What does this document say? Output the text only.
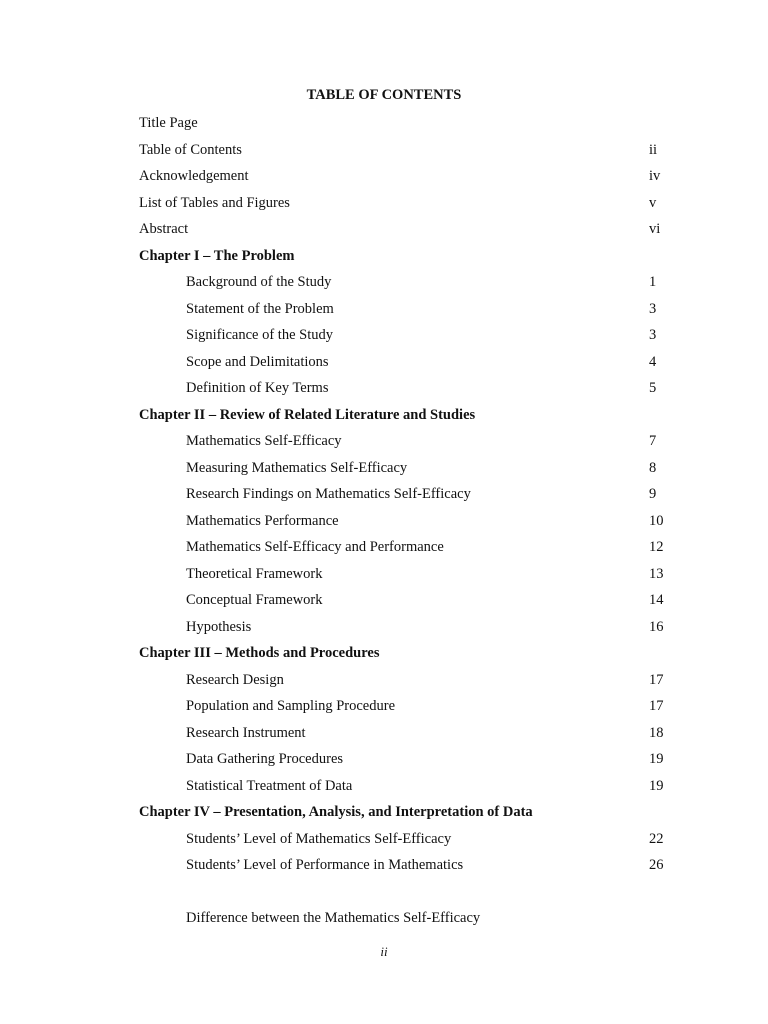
TABLE OF CONTENTS
Title Page
Table of Contents	ii
Acknowledgement	iv
List of Tables and Figures	v
Abstract	vi
Chapter I – The Problem
Background of the Study	1
Statement of the Problem	3
Significance of the Study	3
Scope and Delimitations	4
Definition of Key Terms	5
Chapter II – Review of Related Literature and Studies
Mathematics Self-Efficacy	7
Measuring Mathematics Self-Efficacy	8
Research Findings on Mathematics Self-Efficacy	9
Mathematics Performance	10
Mathematics Self-Efficacy and Performance	12
Theoretical Framework	13
Conceptual Framework	14
Hypothesis	16
Chapter III – Methods and Procedures
Research Design	17
Population and Sampling Procedure	17
Research Instrument	18
Data Gathering Procedures	19
Statistical Treatment of Data	19
Chapter IV – Presentation, Analysis, and Interpretation of Data
Students’ Level of Mathematics Self-Efficacy	22
Students’ Level of Performance in Mathematics	26
Difference between the Mathematics Self-Efficacy
ii
